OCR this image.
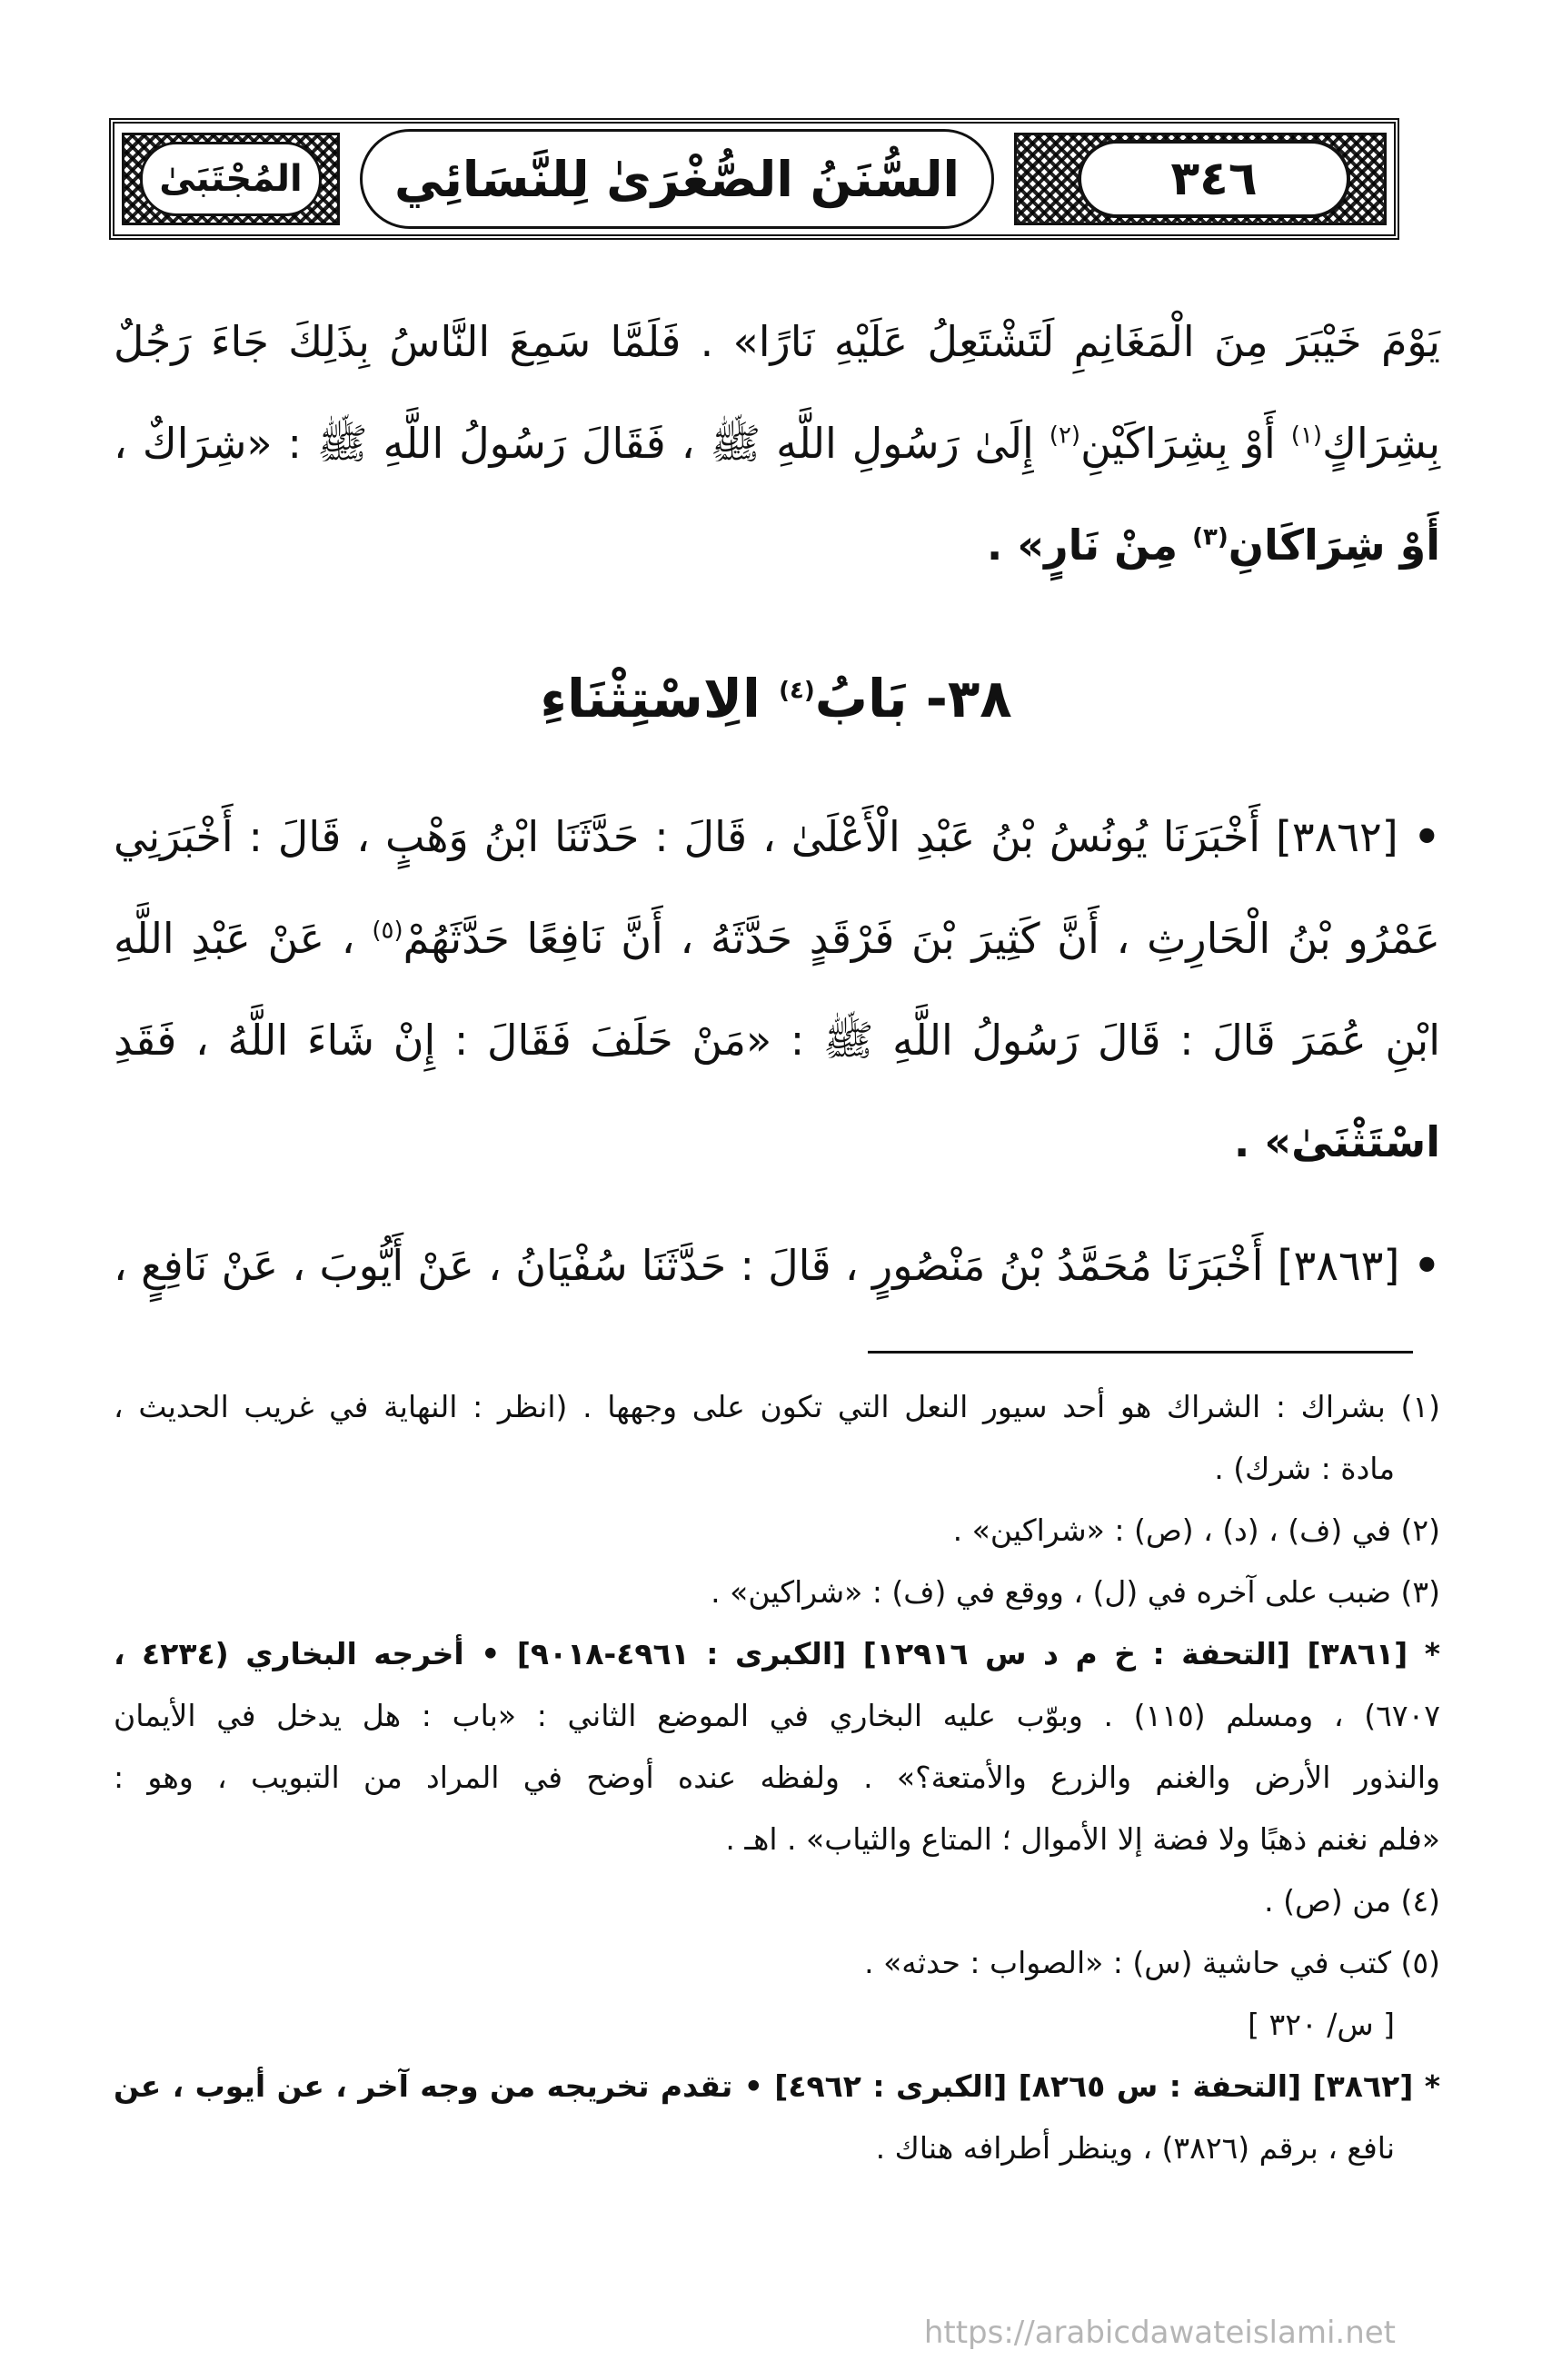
السُّنَنُ الصُّغْرَىٰ لِلنَّسَائِي	٣٤٦
المُجْتَبَىٰ
يَوْمَ خَيْبَرَ مِنَ الْمَغَانِمِ لَتَشْتَعِلُ عَلَيْهِ نَارًا» . فَلَمَّا سَمِعَ النَّاسُ بِذَلِكَ جَاءَ رَجُلٌ
بِشِرَاكٍ$^{(١)}$ أَوْ بِشِرَاكَيْنِ$^{(٢)}$ إِلَىٰ رَسُولِ اللَّهِ ﷺ ، فَقَالَ رَسُولُ اللَّهِ ﷺ : «شِرَاكٌ ،
أَوْ شِرَاكَانِ$^{(٣)}$ مِنْ نَارٍ» .
٣٨- بَابُ$^{(٤)}$ الِاسْتِثْنَاءِ
• [٣٨٦٢] أَخْبَرَنَا يُونُسُ بْنُ عَبْدِ الْأَعْلَىٰ ، قَالَ : حَدَّثَنَا ابْنُ وَهْبٍ ، قَالَ : أَخْبَرَنِي
عَمْرُو بْنُ الْحَارِثِ ، أَنَّ كَثِيرَ بْنَ فَرْقَدٍ حَدَّثَهُ ، أَنَّ نَافِعًا حَدَّثَهُمْ$^{(٥)}$ ، عَنْ عَبْدِ اللَّهِ
ابْنِ عُمَرَ قَالَ : قَالَ رَسُولُ اللَّهِ ﷺ : «مَنْ حَلَفَ فَقَالَ : إِنْ شَاءَ اللَّهُ ، فَقَدِ
اسْتَثْنَىٰ» .
• [٣٨٦٣] أَخْبَرَنَا مُحَمَّدُ بْنُ مَنْصُورٍ ، قَالَ : حَدَّثَنَا سُفْيَانُ ، عَنْ أَيُّوبَ ، عَنْ نَافِعٍ ،
(١) بشراك : الشراك هو أحد سيور النعل التي تكون على وجهها . (انظر : النهاية في غريب الحديث ،
مادة : شرك) .
(٢) في (ف) ، (د) ، (ص) : «شراكين» .
(٣) ضبب على آخره في (ل) ، ووقع في (ف) : «شراكين» .
* [٣٨٦١] [التحفة : خ م د س ١٢٩١٦] [الكبرى : ٤٩٦١-٩٠١٨] • أخرجه البخاري (٤٢٣٤ ،
٦٧٠٧) ، ومسلم (١١٥) . وبوّب عليه البخاري في الموضع الثاني : «باب : هل يدخل في الأيمان
والنذور الأرض والغنم والزرع والأمتعة؟» . ولفظه عنده أوضح في المراد من التبويب ، وهو :
«فلم نغنم ذهبًا ولا فضة إلا الأموال ؛ المتاع والثياب» . اهـ .
(٤) من (ص) .
(٥) كتب في حاشية (س) : «الصواب : حدثه» .
[ س/ ٣٢٠ ]
* [٣٨٦٢] [التحفة : س ٨٢٦٥] [الكبرى : ٤٩٦٢] • تقدم تخريجه من وجه آخر ، عن أيوب ، عن
نافع ، برقم (٣٨٢٦) ، وينظر أطرافه هناك .
https://arabicdawateislami.net
